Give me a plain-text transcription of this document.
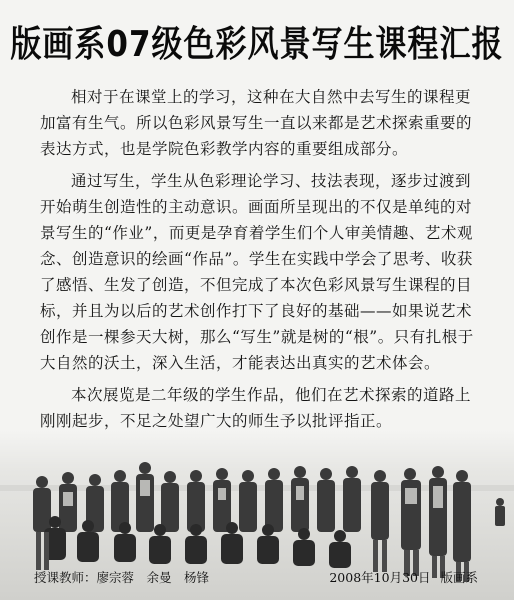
版画系07级色彩风景写生课程汇报

相对于在课堂上的学习，这种在大自然中去写生的课程更加富有生气。所以色彩风景写生一直以来都是艺术探索重要的表达方式，也是学院色彩教学内容的重要组成部分。

通过写生，学生从色彩理论学习、技法表现，逐步过渡到开始萌生创造性的主动意识。画面所呈现出的不仅是单纯的对景写生的“作业”，而更是孕育着学生们个人审美情趣、艺术观念、创造意识的绘画“作品”。学生在实践中学会了思考、收获了感悟、生发了创造，不但完成了本次色彩风景写生课程的目标，并且为以后的艺术创作打下了良好的基础——如果说艺术创作是一棵参天大树，那么“写生”就是树的“根”。只有扎根于大自然的沃土，深入生活，才能表达出真实的艺术体会。

本次展览是二年级的学生作品，他们在艺术探索的道路上刚刚起步，不足之处望广大的师生予以批评指正。

授课教师：廖宗蓉　余曼　杨锋	2008年10月30日 版画系
